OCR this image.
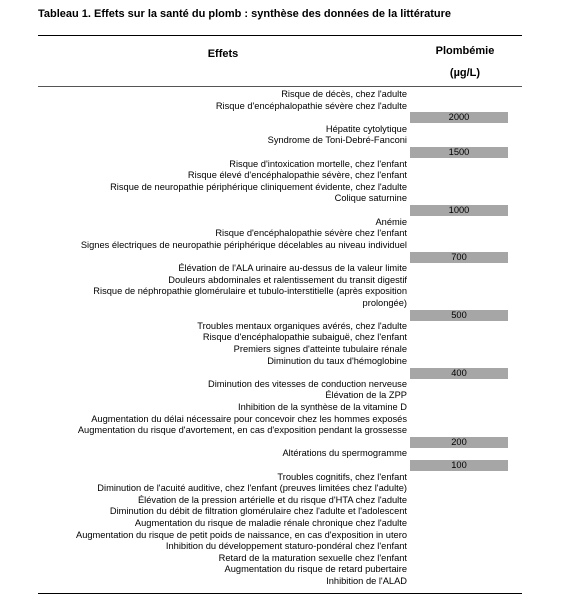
Tableau 1. Effets sur la santé du plomb : synthèse des données de la littérature
Effets	Plombémie
(µg/L)
Risque de décès, chez l'adulte
Risque d'encéphalopathie sévère chez l'adulte
2000
Hépatite cytolytique
Syndrome de Toni-Debré-Fanconi
1500
Risque d'intoxication mortelle, chez l'enfant
Risque élevé d'encéphalopathie sévère, chez l'enfant
Risque de neuropathie périphérique cliniquement évidente, chez l'adulte
Colique saturnine
1000
Anémie
Risque d'encéphalopathie sévère chez l'enfant
Signes électriques de neuropathie périphérique décelables au niveau individuel
700
Élévation de l'ALA urinaire au-dessus de la valeur limite
Douleurs abdominales et ralentissement du transit digestif
Risque de néphropathie glomérulaire et tubulo-interstitielle (après exposition
prolongée)
500
Troubles mentaux organiques avérés, chez l'adulte
Risque d'encéphalopathie subaiguë, chez l'enfant
Premiers signes d'atteinte tubulaire rénale
Diminution du taux d'hémoglobine
400
Diminution des vitesses de conduction nerveuse
Élévation de la ZPP
Inhibition de la synthèse de la vitamine D
Augmentation du délai nécessaire pour concevoir chez les hommes exposés
Augmentation du risque d'avortement, en cas d'exposition pendant la grossesse
200
Altérations du spermogramme
100
Troubles cognitifs, chez l'enfant
Diminution de l'acuité auditive, chez l'enfant (preuves limitées chez l'adulte)
Élévation de la pression artérielle et du risque d'HTA chez l'adulte
Diminution du débit de filtration glomérulaire chez l'adulte et l'adolescent
Augmentation du risque de maladie rénale chronique chez l'adulte
Augmentation du risque de petit poids de naissance, en cas d'exposition in utero
Inhibition du développement staturo-pondéral chez l'enfant
Retard de la maturation sexuelle chez l'enfant
Augmentation du risque de retard pubertaire
Inhibition de l'ALAD
